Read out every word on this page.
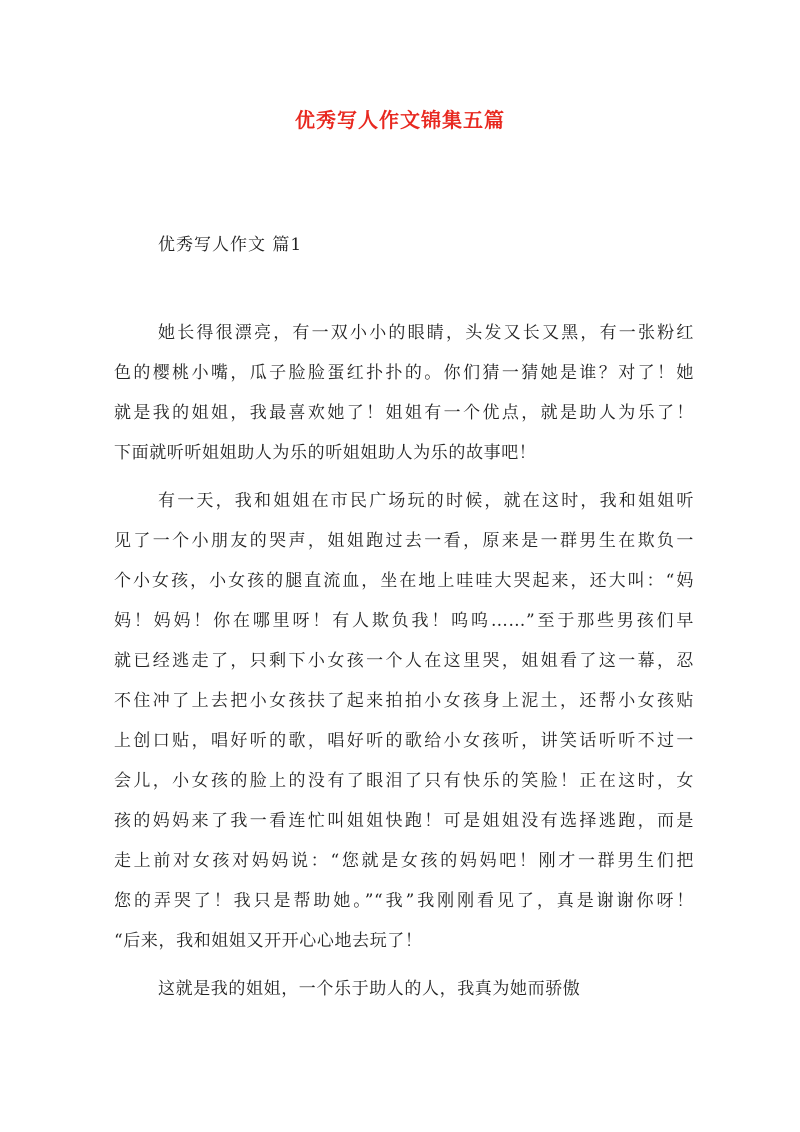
优秀写人作文锦集五篇
优秀写人作文 篇1
她长得很漂亮，有一双小小的眼睛，头发又长又黑，有一张粉红
色的樱桃小嘴，瓜子脸脸蛋红扑扑的。你们猜一猜她是谁？对了！她
就是我的姐姐，我最喜欢她了！姐姐有一个优点，就是助人为乐了！
下面就听听姐姐助人为乐的听姐姐助人为乐的故事吧！
有一天，我和姐姐在市民广场玩的时候，就在这时，我和姐姐听
见了一个小朋友的哭声，姐姐跑过去一看，原来是一群男生在欺负一
个小女孩，小女孩的腿直流血，坐在地上哇哇大哭起来，还大叫：“妈
妈！妈妈！你在哪里呀！有人欺负我！呜呜……”至于那些男孩们早
就已经逃走了，只剩下小女孩一个人在这里哭，姐姐看了这一幕，忍
不住冲了上去把小女孩扶了起来拍拍小女孩身上泥土，还帮小女孩贴
上创口贴，唱好听的歌，唱好听的歌给小女孩听，讲笑话听听不过一
会儿，小女孩的脸上的没有了眼泪了只有快乐的笑脸！正在这时，女
孩的妈妈来了我一看连忙叫姐姐快跑！可是姐姐没有选择逃跑，而是
走上前对女孩对妈妈说：“您就是女孩的妈妈吧！刚才一群男生们把
您的弄哭了！我只是帮助她。”“我”我刚刚看见了，真是谢谢你呀！
“后来，我和姐姐又开开心心地去玩了！
这就是我的姐姐，一个乐于助人的人，我真为她而骄傲
